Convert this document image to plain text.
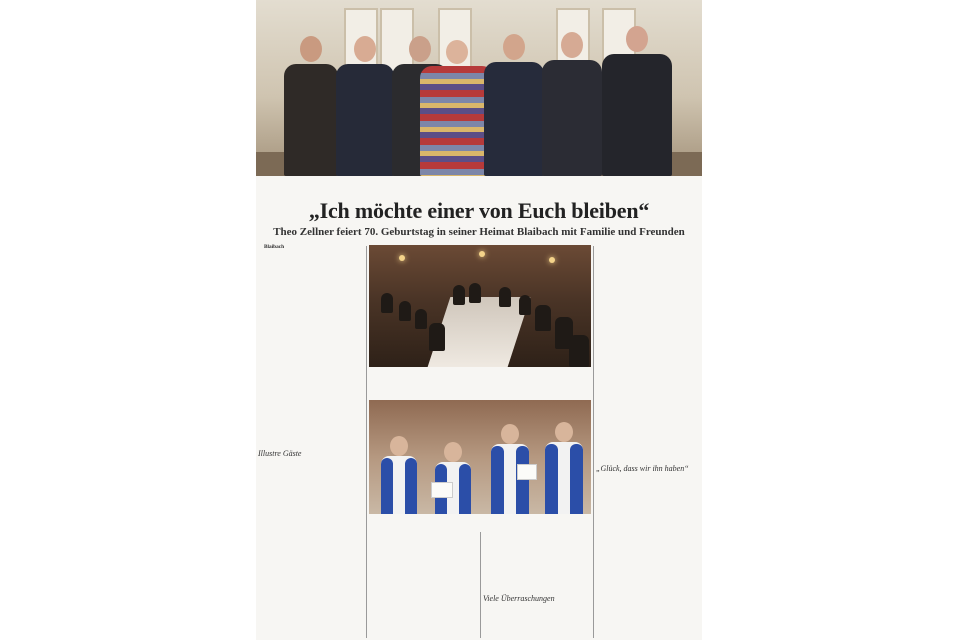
„Ich möchte einer von Euch bleiben“
Theo Zellner feiert 70. Geburtstag in seiner Heimat Blaibach mit Familie und Freunden

Blaibach

Illustre Gäste

Viele Überraschungen

„Glück, dass wir ihn haben“
